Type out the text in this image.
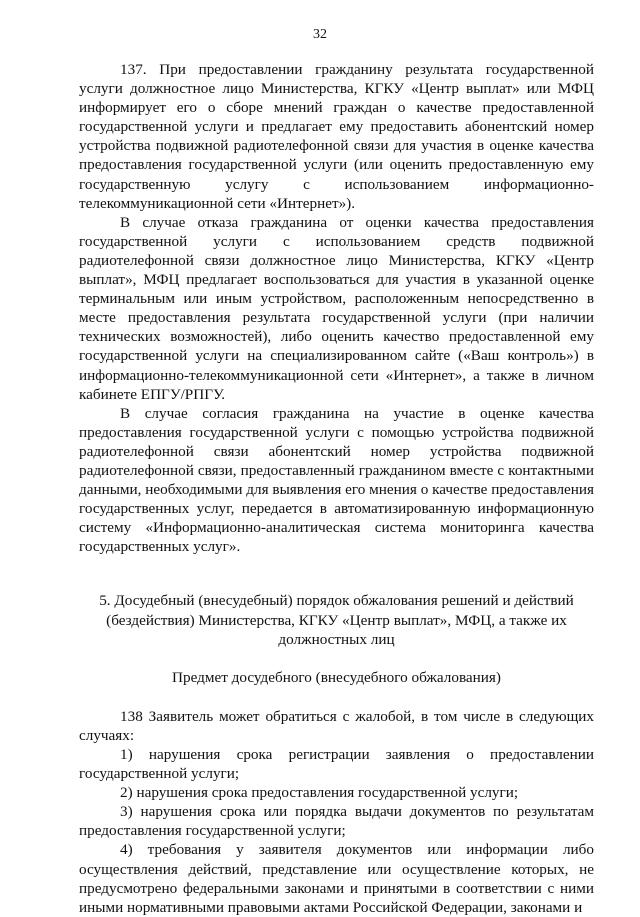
32

137. При предоставлении гражданину результата государственной услуги должностное лицо Министерства, КГКУ «Центр выплат» или МФЦ информирует его о сборе мнений граждан о качестве предоставленной государственной услуги и предлагает ему предоставить абонентский номер устройства подвижной радиотелефонной связи для участия в оценке качества предоставления государственной услуги (или оценить предоставленную ему государственную услугу с использованием информационно-телекоммуникационной сети «Интернет»).

В случае отказа гражданина от оценки качества предоставления государственной услуги с использованием средств подвижной радиотелефонной связи должностное лицо Министерства, КГКУ «Центр выплат», МФЦ предлагает воспользоваться для участия в указанной оценке терминальным или иным устройством, расположенным непосредственно в месте предоставления результата государственной услуги (при наличии технических возможностей), либо оценить качество предоставленной ему государственной услуги на специализированном сайте («Ваш контроль») в информационно-телекоммуникационной сети «Интернет», а также в личном кабинете ЕПГУ/РПГУ.

В случае согласия гражданина на участие в оценке качества предоставления государственной услуги с помощью устройства подвижной радиотелефонной связи абонентский номер устройства подвижной радиотелефонной связи, предоставленный гражданином вместе с контактными данными, необходимыми для выявления его мнения о качестве предоставления государственных услуг, передается в автоматизированную информационную систему «Информационно-аналитическая система мониторинга качества государственных услуг».

5. Досудебный (внесудебный) порядок обжалования решений и действий
(бездействия) Министерства, КГКУ «Центр выплат», МФЦ, а также их
должностных лиц
Предмет досудебного (внесудебного обжалования)

138 Заявитель может обратиться с жалобой, в том числе в следующих случаях:

1) нарушения срока регистрации заявления о предоставлении государственной услуги;

2) нарушения срока предоставления государственной услуги;

3) нарушения срока или порядка выдачи документов по результатам предоставления государственной услуги;

4) требования у заявителя документов или информации либо осуществления действий, представление или осуществление которых, не предусмотрено федеральными законами и принятыми в соответствии с ними иными нормативными правовыми актами Российской Федерации, законами и
